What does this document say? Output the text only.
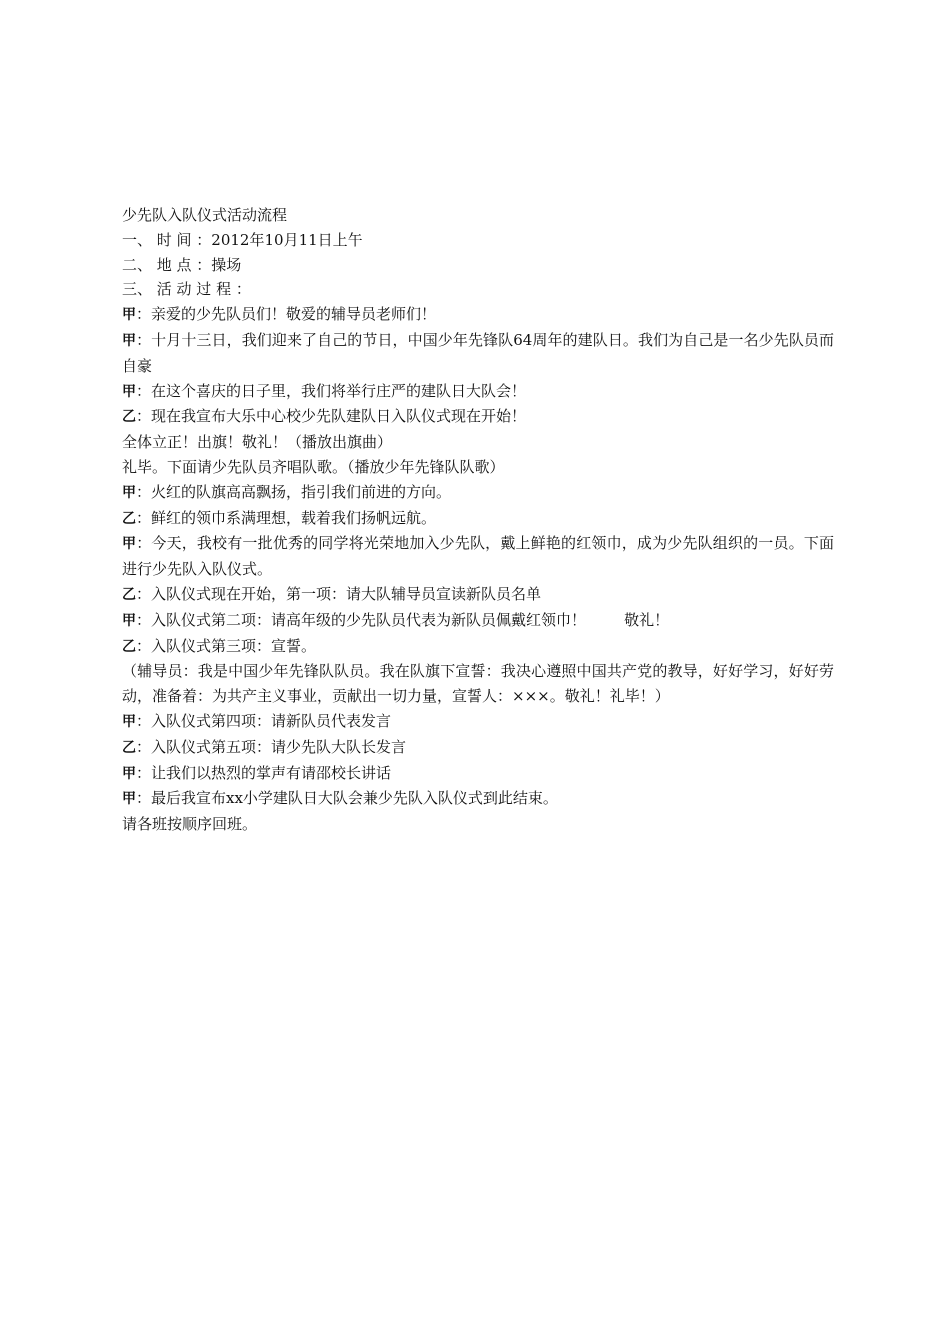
少先队入队仪式活动流程

一、 时 间 ：2012年10月11日上午

二、 地 点 ：操场

三、 活 动 过 程 ：

甲：亲爱的少先队员们！敬爱的辅导员老师们！

甲：十月十三日，我们迎来了自己的节日，中国少年先锋队64周年的建队日。我们为自己是一名少先队员而自豪

甲：在这个喜庆的日子里，我们将举行庄严的建队日大队会！

乙：现在我宣布大乐中心校少先队建队日入队仪式现在开始！

全体立正！出旗！敬礼！（播放出旗曲）

礼毕。下面请少先队员齐唱队歌。（播放少年先锋队队歌）

甲：火红的队旗高高飘扬，指引我们前进的方向。

乙：鲜红的领巾系满理想，载着我们扬帆远航。

甲：今天，我校有一批优秀的同学将光荣地加入少先队，戴上鲜艳的红领巾，成为少先队组织的一员。下面进行少先队入队仪式。

乙：入队仪式现在开始，第一项：请大队辅导员宣读新队员名单

甲：入队仪式第二项：请高年级的少先队员代表为新队员佩戴红领巾！        敬礼！

乙：入队仪式第三项：宣誓。

（辅导员：我是中国少年先锋队队员。我在队旗下宣誓：我决心遵照中国共产党的教导，好好学习，好好劳动，准备着：为共产主义事业，贡献出一切力量，宣誓人：×××。敬礼！礼毕！）

甲：入队仪式第四项：请新队员代表发言

乙：入队仪式第五项：请少先队大队长发言

甲：让我们以热烈的掌声有请邵校长讲话

甲：最后我宣布xx小学建队日大队会兼少先队入队仪式到此结束。

请各班按顺序回班。
